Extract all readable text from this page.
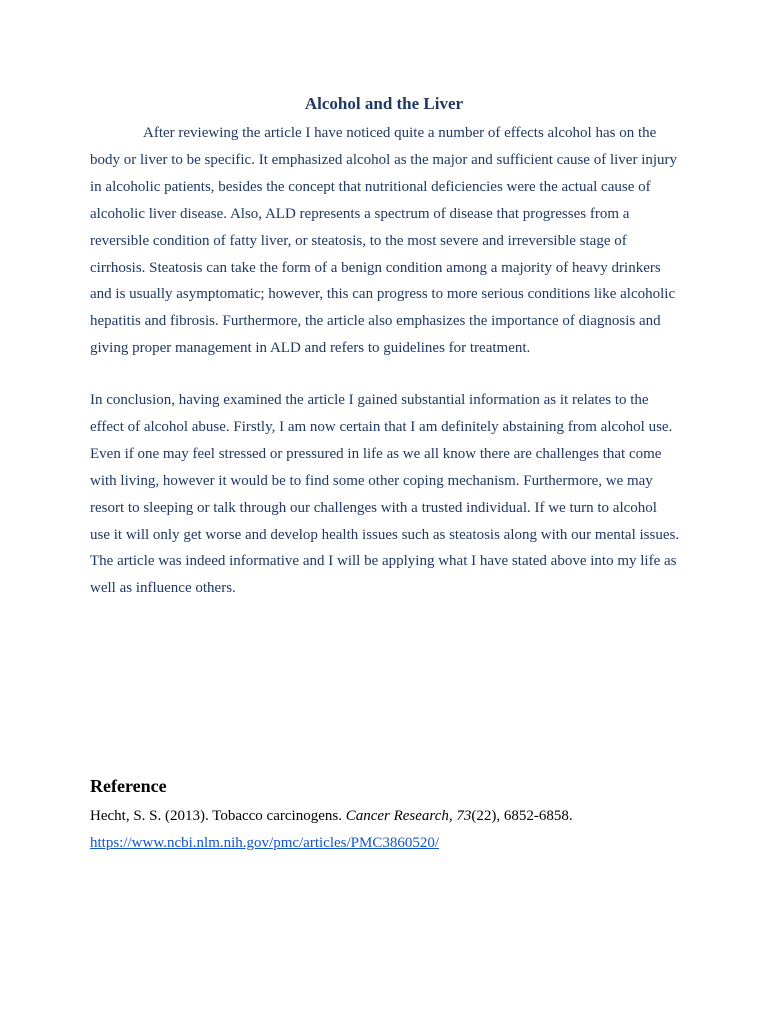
Alcohol and the Liver

After reviewing the article I have noticed quite a number of effects alcohol has on the body or liver to be specific. It emphasized alcohol as the major and sufficient cause of liver injury in alcoholic patients, besides the concept that nutritional deficiencies were the actual cause of alcoholic liver disease. Also, ALD represents a spectrum of disease that progresses from a reversible condition of fatty liver, or steatosis, to the most severe and irreversible stage of cirrhosis. Steatosis can take the form of a benign condition among a majority of heavy drinkers and is usually asymptomatic; however, this can progress to more serious conditions like alcoholic hepatitis and fibrosis. Furthermore, the article also emphasizes the importance of diagnosis and giving proper management in ALD and refers to guidelines for treatment.

In conclusion, having examined the article I gained substantial information as it relates to the effect of alcohol abuse. Firstly, I am now certain that I am definitely abstaining from alcohol use. Even if one may feel stressed or pressured in life as we all know there are challenges that come with living, however it would be to find some other coping mechanism. Furthermore, we may resort to sleeping or talk through our challenges with a trusted individual. If we turn to alcohol use it will only get worse and develop health issues such as steatosis along with our mental issues. The article was indeed informative and I will be applying what I have stated above into my life as well as influence others.

Reference

Hecht, S. S. (2013). Tobacco carcinogens. Cancer Research, 73(22), 6852-6858.
https://www.ncbi.nlm.nih.gov/pmc/articles/PMC3860520/
